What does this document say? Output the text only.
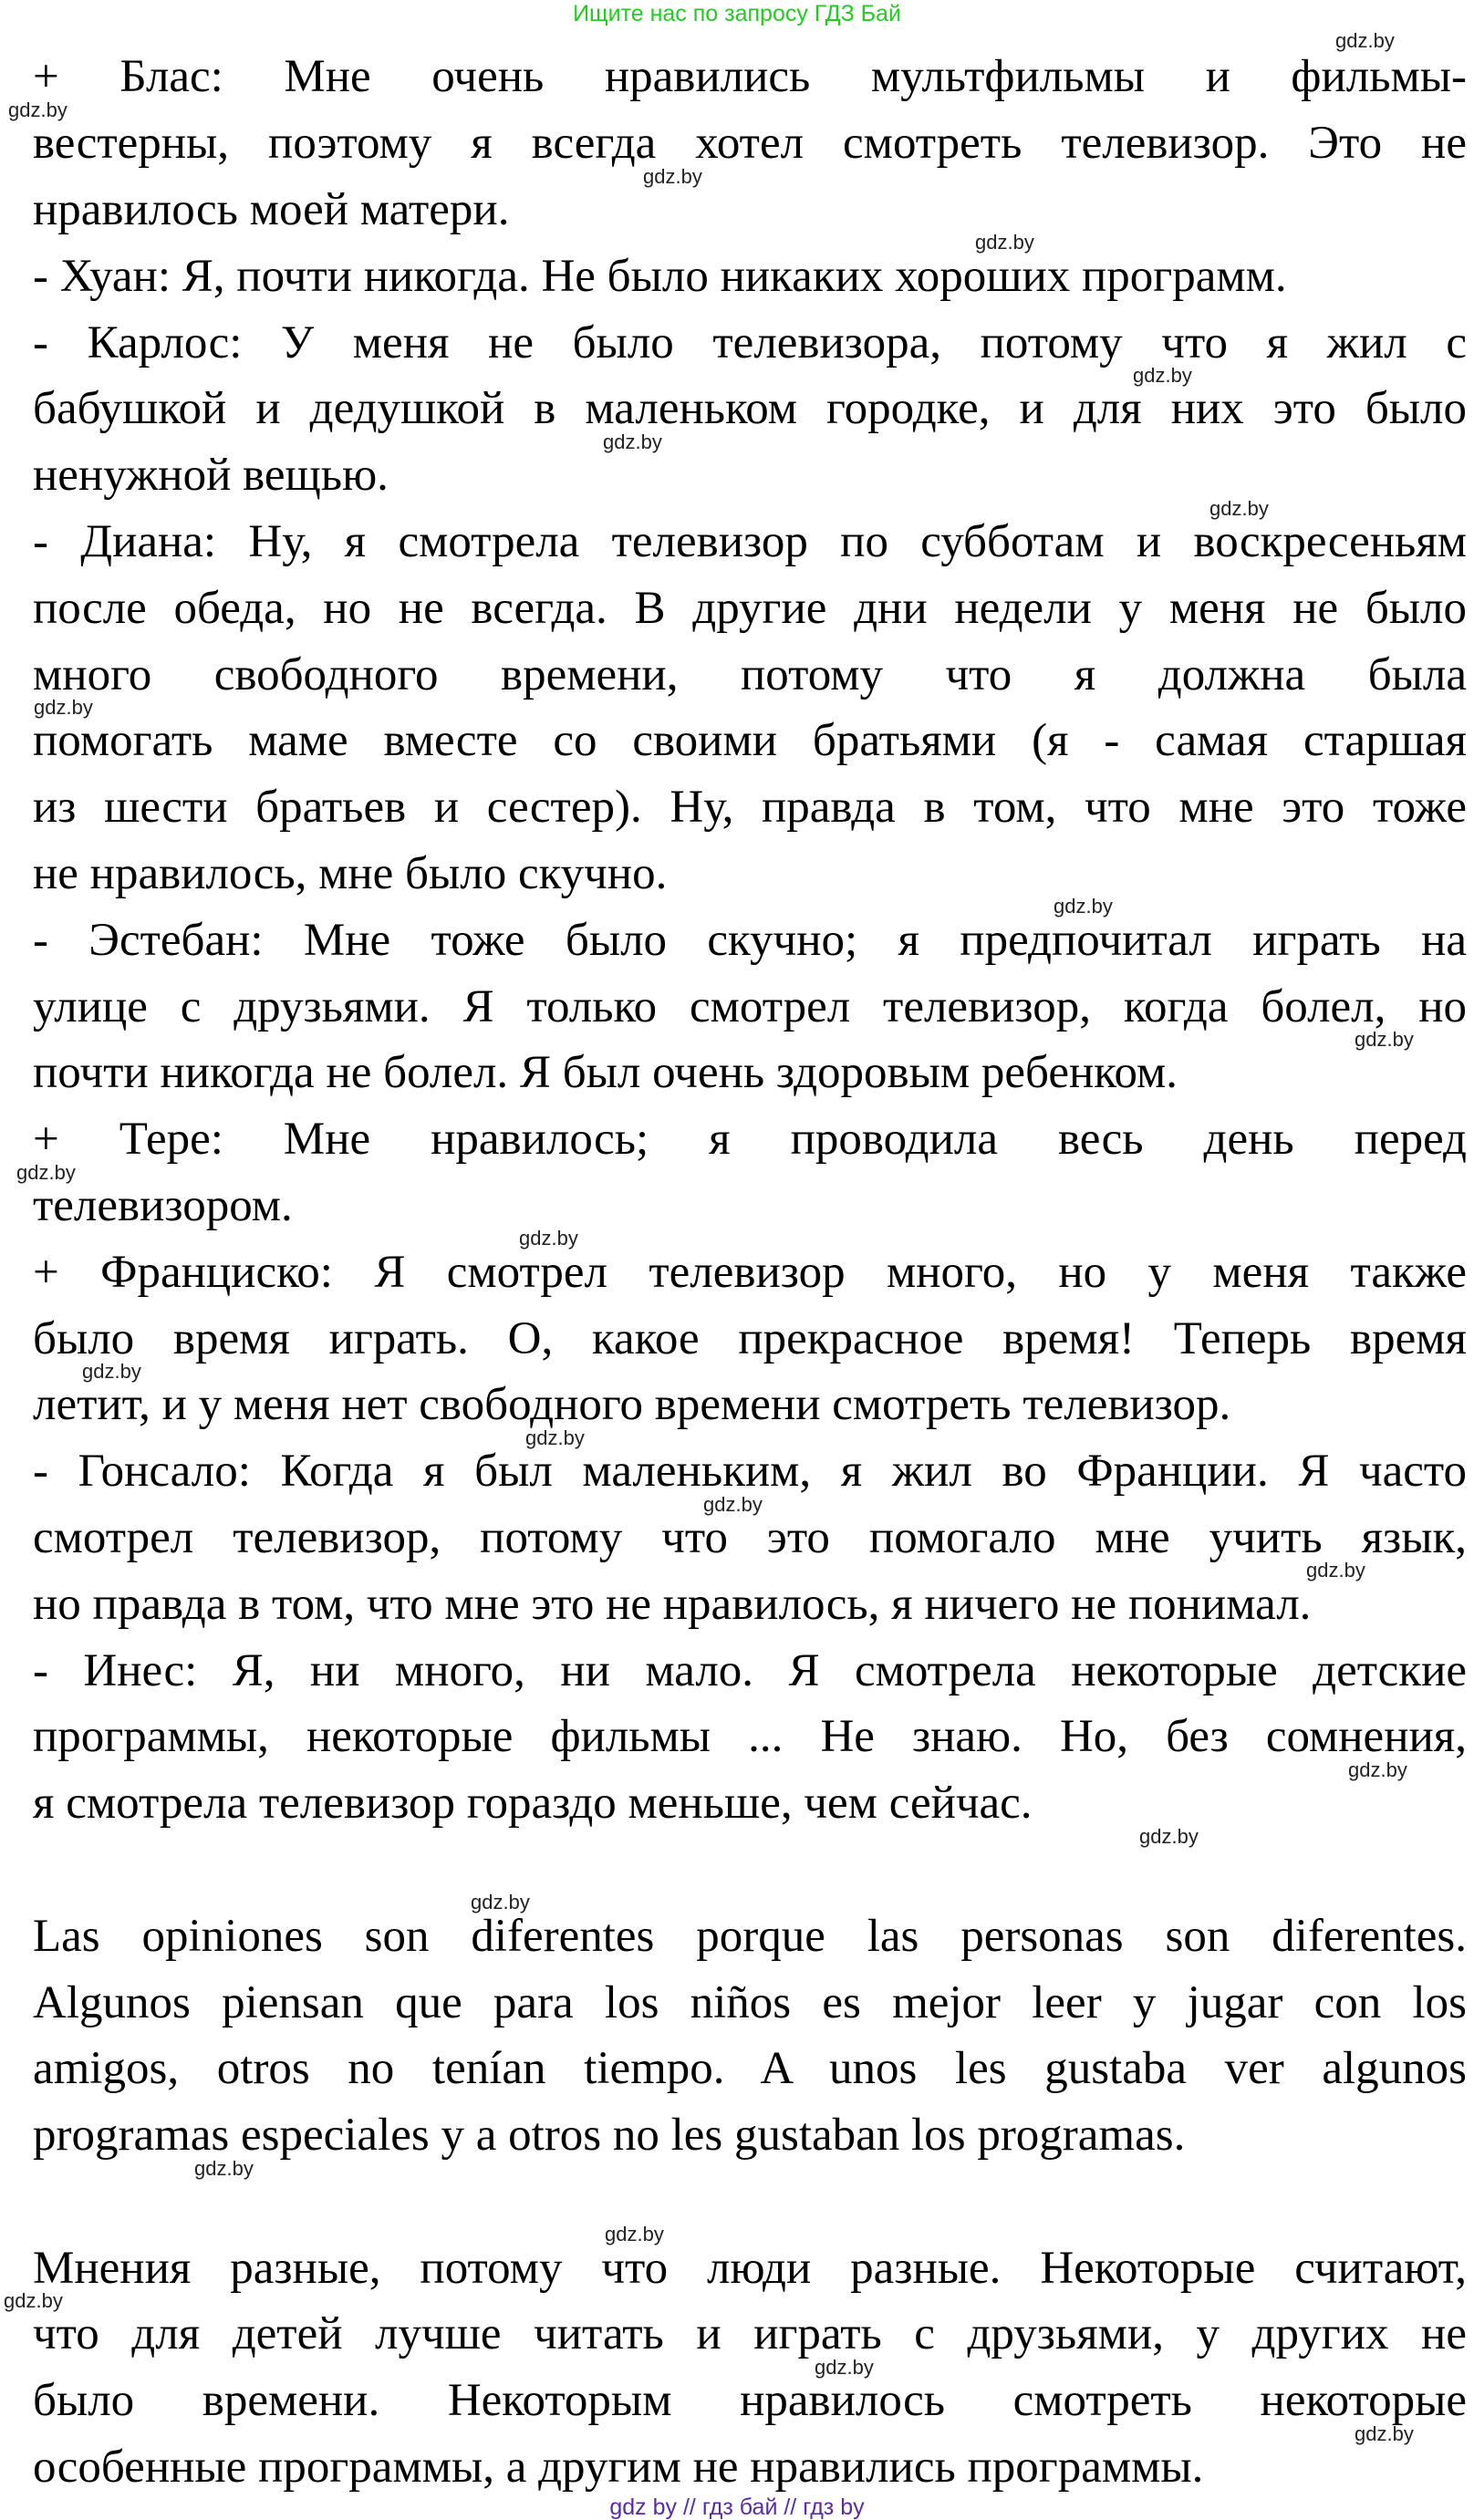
Ищите нас по запросу ГДЗ Бай
+ Блас: Мне очень нравились мультфильмы и фильмы-
вестерны, поэтому я всегда хотел смотреть телевизор. Это не
нравилось моей матери.
- Хуан: Я, почти никогда. Не было никаких хороших программ.
- Карлос: У меня не было телевизора, потому что я жил с
бабушкой и дедушкой в маленьком городке, и для них это было
ненужной вещью.
- Диана: Ну, я смотрела телевизор по субботам и воскресеньям
после обеда, но не всегда. В другие дни недели у меня не было
много свободного времени, потому что я должна была
помогать маме вместе со своими братьями (я - самая старшая
из шести братьев и сестер). Ну, правда в том, что мне это тоже
не нравилось, мне было скучно.
- Эстебан: Мне тоже было скучно; я предпочитал играть на
улице с друзьями. Я только смотрел телевизор, когда болел, но
почти никогда не болел. Я был очень здоровым ребенком.
+ Тере: Мне нравилось; я проводила весь день перед
телевизором.
+ Франциско: Я смотрел телевизор много, но у меня также
было время играть. О, какое прекрасное время! Теперь время
летит, и у меня нет свободного времени смотреть телевизор.
- Гонсало: Когда я был маленьким, я жил во Франции. Я часто
смотрел телевизор, потому что это помогало мне учить язык,
но правда в том, что мне это не нравилось, я ничего не понимал.
- Инес: Я, ни много, ни мало. Я смотрела некоторые детские
программы, некоторые фильмы ... Не знаю. Но, без сомнения,
я смотрела телевизор гораздо меньше, чем сейчас.
Las opiniones son diferentes porque las personas son diferentes.
Algunos piensan que para los niños es mejor leer y jugar con los
amigos, otros no tenían tiempo. A unos les gustaba ver algunos
programas especiales y a otros no les gustaban los programas.
Мнения разные, потому что люди разные. Некоторые считают,
что для детей лучше читать и играть с друзьями, у других не
было времени. Некоторым нравилось смотреть некоторые
особенные программы, а другим не нравились программы.
gdz.by
gdz.by
gdz.by
gdz.by
gdz.by
gdz.by
gdz.by
gdz.by
gdz.by
gdz.by
gdz.by
gdz.by
gdz.by
gdz.by
gdz.by
gdz.by
gdz.by
gdz.by
gdz.by
gdz.by
gdz.by
gdz.by
gdz.by
gdz.by
gdz by // гдз бай // гдз by
